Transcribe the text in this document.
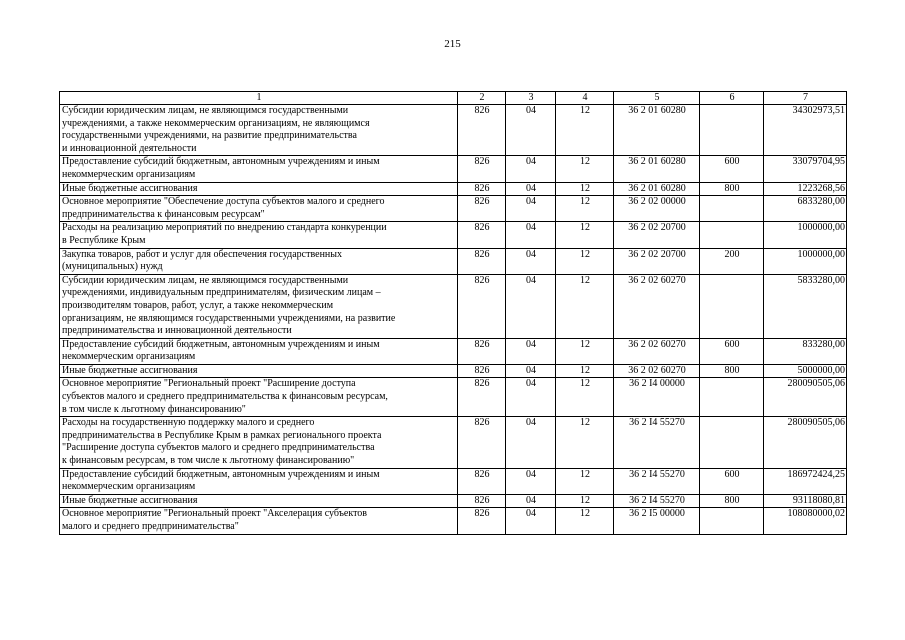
215
1	2	3	4	5	6	7

Субсидии юридическим лицам, не являющимся государственными
учреждениями, а также некоммерческим организациям, не являющимся
государственными учреждениями, на развитие предпринимательства
и инновационной деятельности	826	04	12	36 2 01 60280		34302973,51

Предоставление субсидий бюджетным, автономным учреждениям и иным
некоммерческим организациям	826	04	12	36 2 01 60280	600	33079704,95

Иные бюджетные ассигнования	826	04	12	36 2 01 60280	800	1223268,56

Основное мероприятие "Обеспечение доступа субъектов малого и среднего
предпринимательства к финансовым ресурсам"	826	04	12	36 2 02 00000		6833280,00

Расходы на реализацию мероприятий по внедрению стандарта конкуренции
в Республике Крым	826	04	12	36 2 02 20700		1000000,00

Закупка товаров, работ и услуг для обеспечения государственных
(муниципальных) нужд	826	04	12	36 2 02 20700	200	1000000,00

Субсидии юридическим лицам, не являющимся государственными
учреждениями, индивидуальным предпринимателям, физическим лицам –
производителям товаров, работ, услуг, а также некоммерческим
организациям, не являющимся государственными учреждениями, на развитие
предпринимательства и инновационной деятельности	826	04	12	36 2 02 60270		5833280,00

Предоставление субсидий бюджетным, автономным учреждениям и иным
некоммерческим организациям	826	04	12	36 2 02 60270	600	833280,00

Иные бюджетные ассигнования	826	04	12	36 2 02 60270	800	5000000,00

Основное мероприятие "Региональный проект "Расширение доступа
субъектов малого и среднего предпринимательства к финансовым ресурсам,
в том числе к льготному финансированию"	826	04	12	36 2 I4 00000		280090505,06

Расходы на государственную поддержку малого и среднего
предпринимательства в Республике Крым в рамках регионального проекта
"Расширение доступа субъектов малого и среднего предпринимательства
к финансовым ресурсам, в том числе к льготному финансированию"	826	04	12	36 2 I4 55270		280090505,06

Предоставление субсидий бюджетным, автономным учреждениям и иным
некоммерческим организациям	826	04	12	36 2 I4 55270	600	186972424,25

Иные бюджетные ассигнования	826	04	12	36 2 I4 55270	800	93118080,81

Основное мероприятие "Региональный проект "Акселерация субъектов
малого и среднего предпринимательства"	826	04	12	36 2 I5 00000		108080000,02
